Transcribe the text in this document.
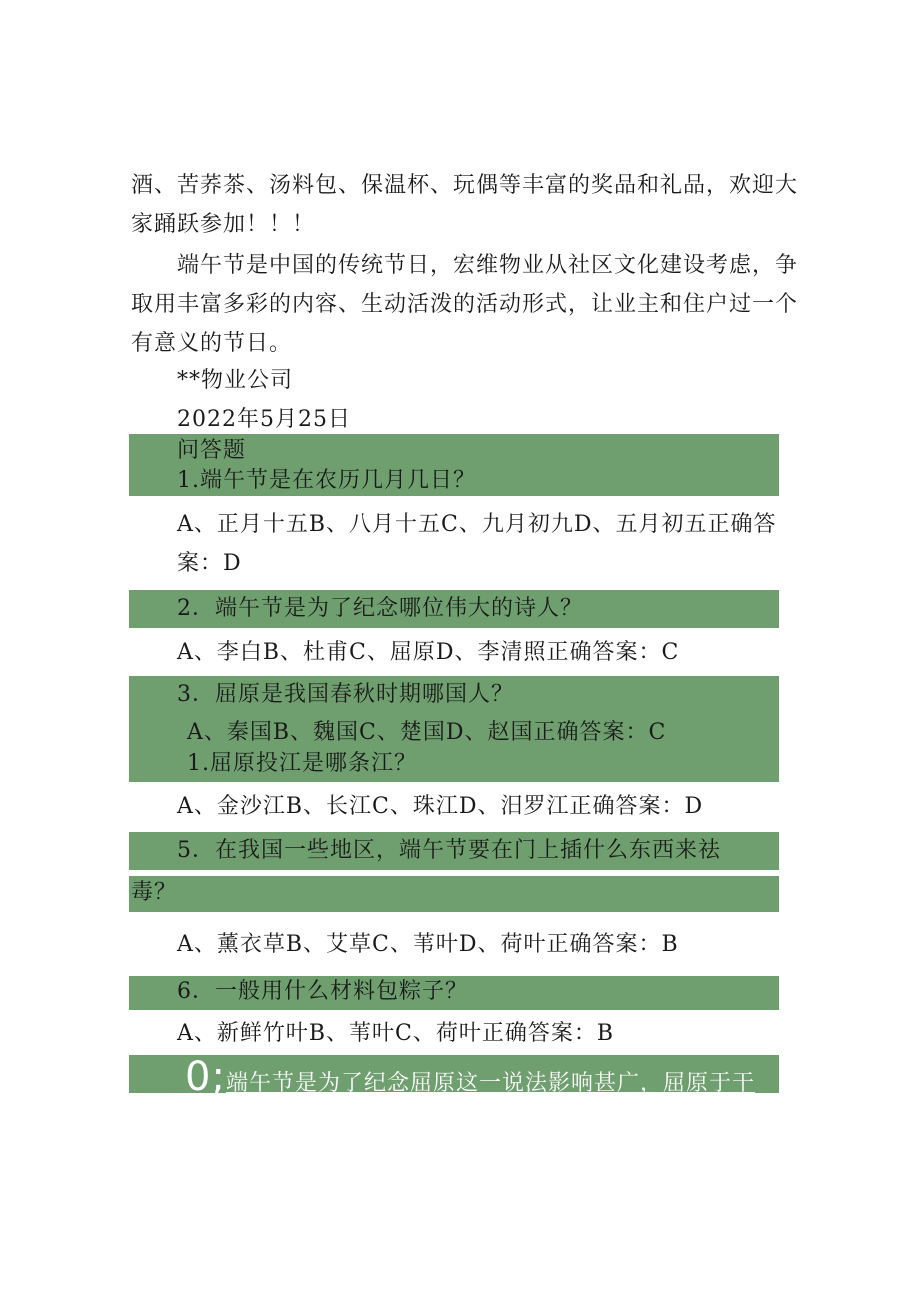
酒、苦荞茶、汤料包、保温杯、玩偶等丰富的奖品和礼品，欢迎大
家踊跃参加！！！
端午节是中国的传统节日，宏维物业从社区文化建设考虑，争
取用丰富多彩的内容、生动活泼的活动形式，让业主和住户过一个
有意义的节日。
**物业公司
2022年5月25日
问答题
1.端午节是在农历几月几日？
A、正月十五B、八月十五C、九月初九D、五月初五正确答
案：D
2．端午节是为了纪念哪位伟大的诗人？
A、李白B、杜甫C、屈原D、李清照正确答案：C
3．屈原是我国春秋时期哪国人？
A、秦国B、魏国C、楚国D、赵国正确答案：C
1.屈原投江是哪条江？
A、金沙江B、长江C、珠江D、汨罗江正确答案：D
5．在我国一些地区，端午节要在门上插什么东西来祛
毒？
A、薰衣草B、艾草C、苇叶D、荷叶正确答案：B
6．一般用什么材料包粽子？
A、新鲜竹叶B、苇叶C、荷叶正确答案：B
0;端午节是为了纪念屈原这一说法影响甚广，屈原于干
